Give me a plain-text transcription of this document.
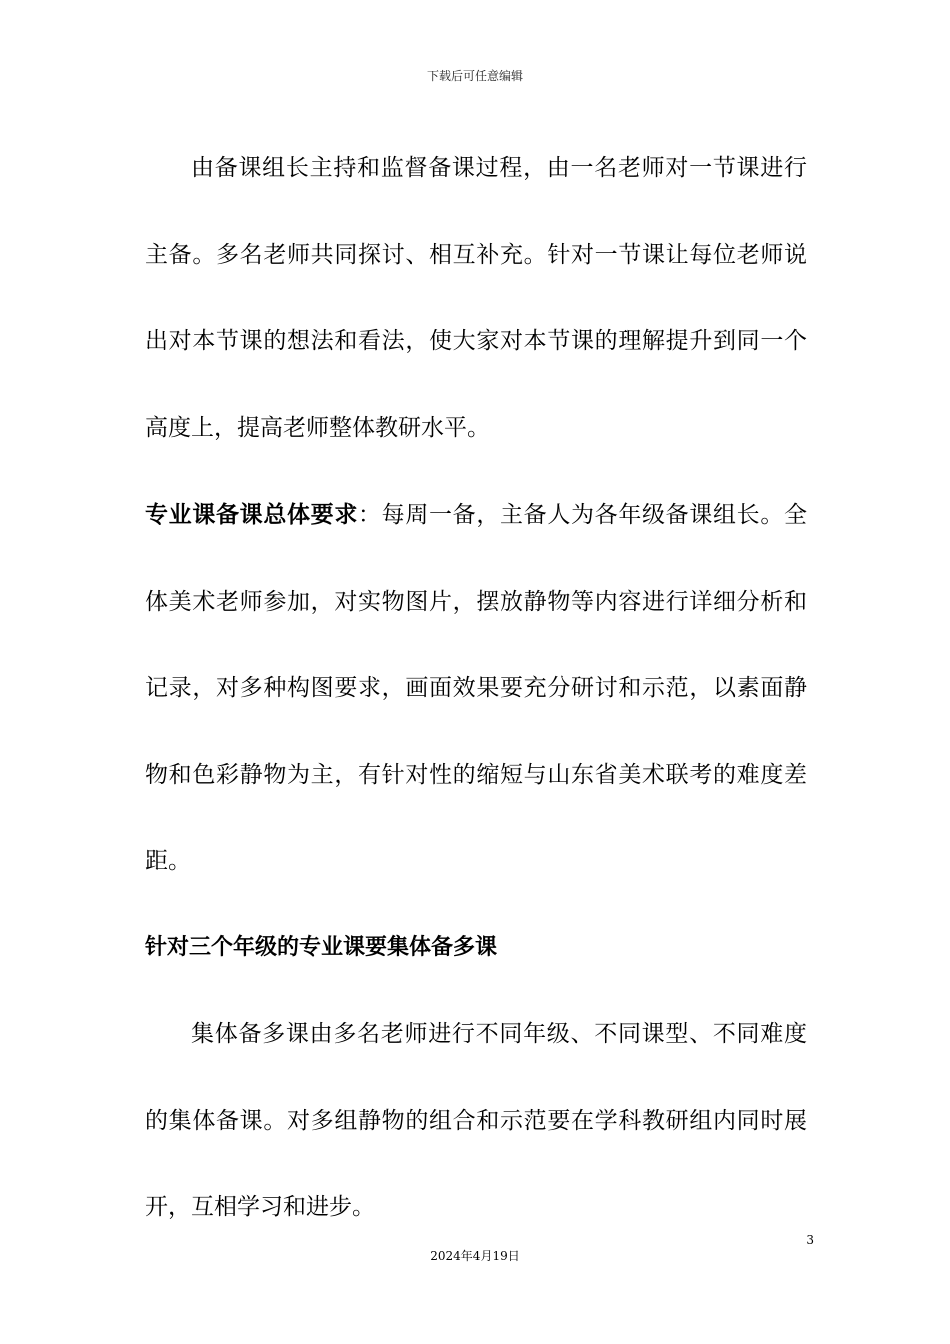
下载后可任意编辑

由备课组长主持和监督备课过程，由一名老师对一节课进行主备。多名老师共同探讨、相互补充。针对一节课让每位老师说出对本节课的想法和看法，使大家对本节课的理解提升到同一个高度上，提高老师整体教研水平。

专业课备课总体要求：每周一备，主备人为各年级备课组长。全体美术老师参加，对实物图片，摆放静物等内容进行详细分析和记录，对多种构图要求，画面效果要充分研讨和示范，以素面静物和色彩静物为主，有针对性的缩短与山东省美术联考的难度差距。

针对三个年级的专业课要集体备多课

集体备多课由多名老师进行不同年级、不同课型、不同难度的集体备课。对多组静物的组合和示范要在学科教研组内同时展开，互相学习和进步。

3
2024年4月19日
